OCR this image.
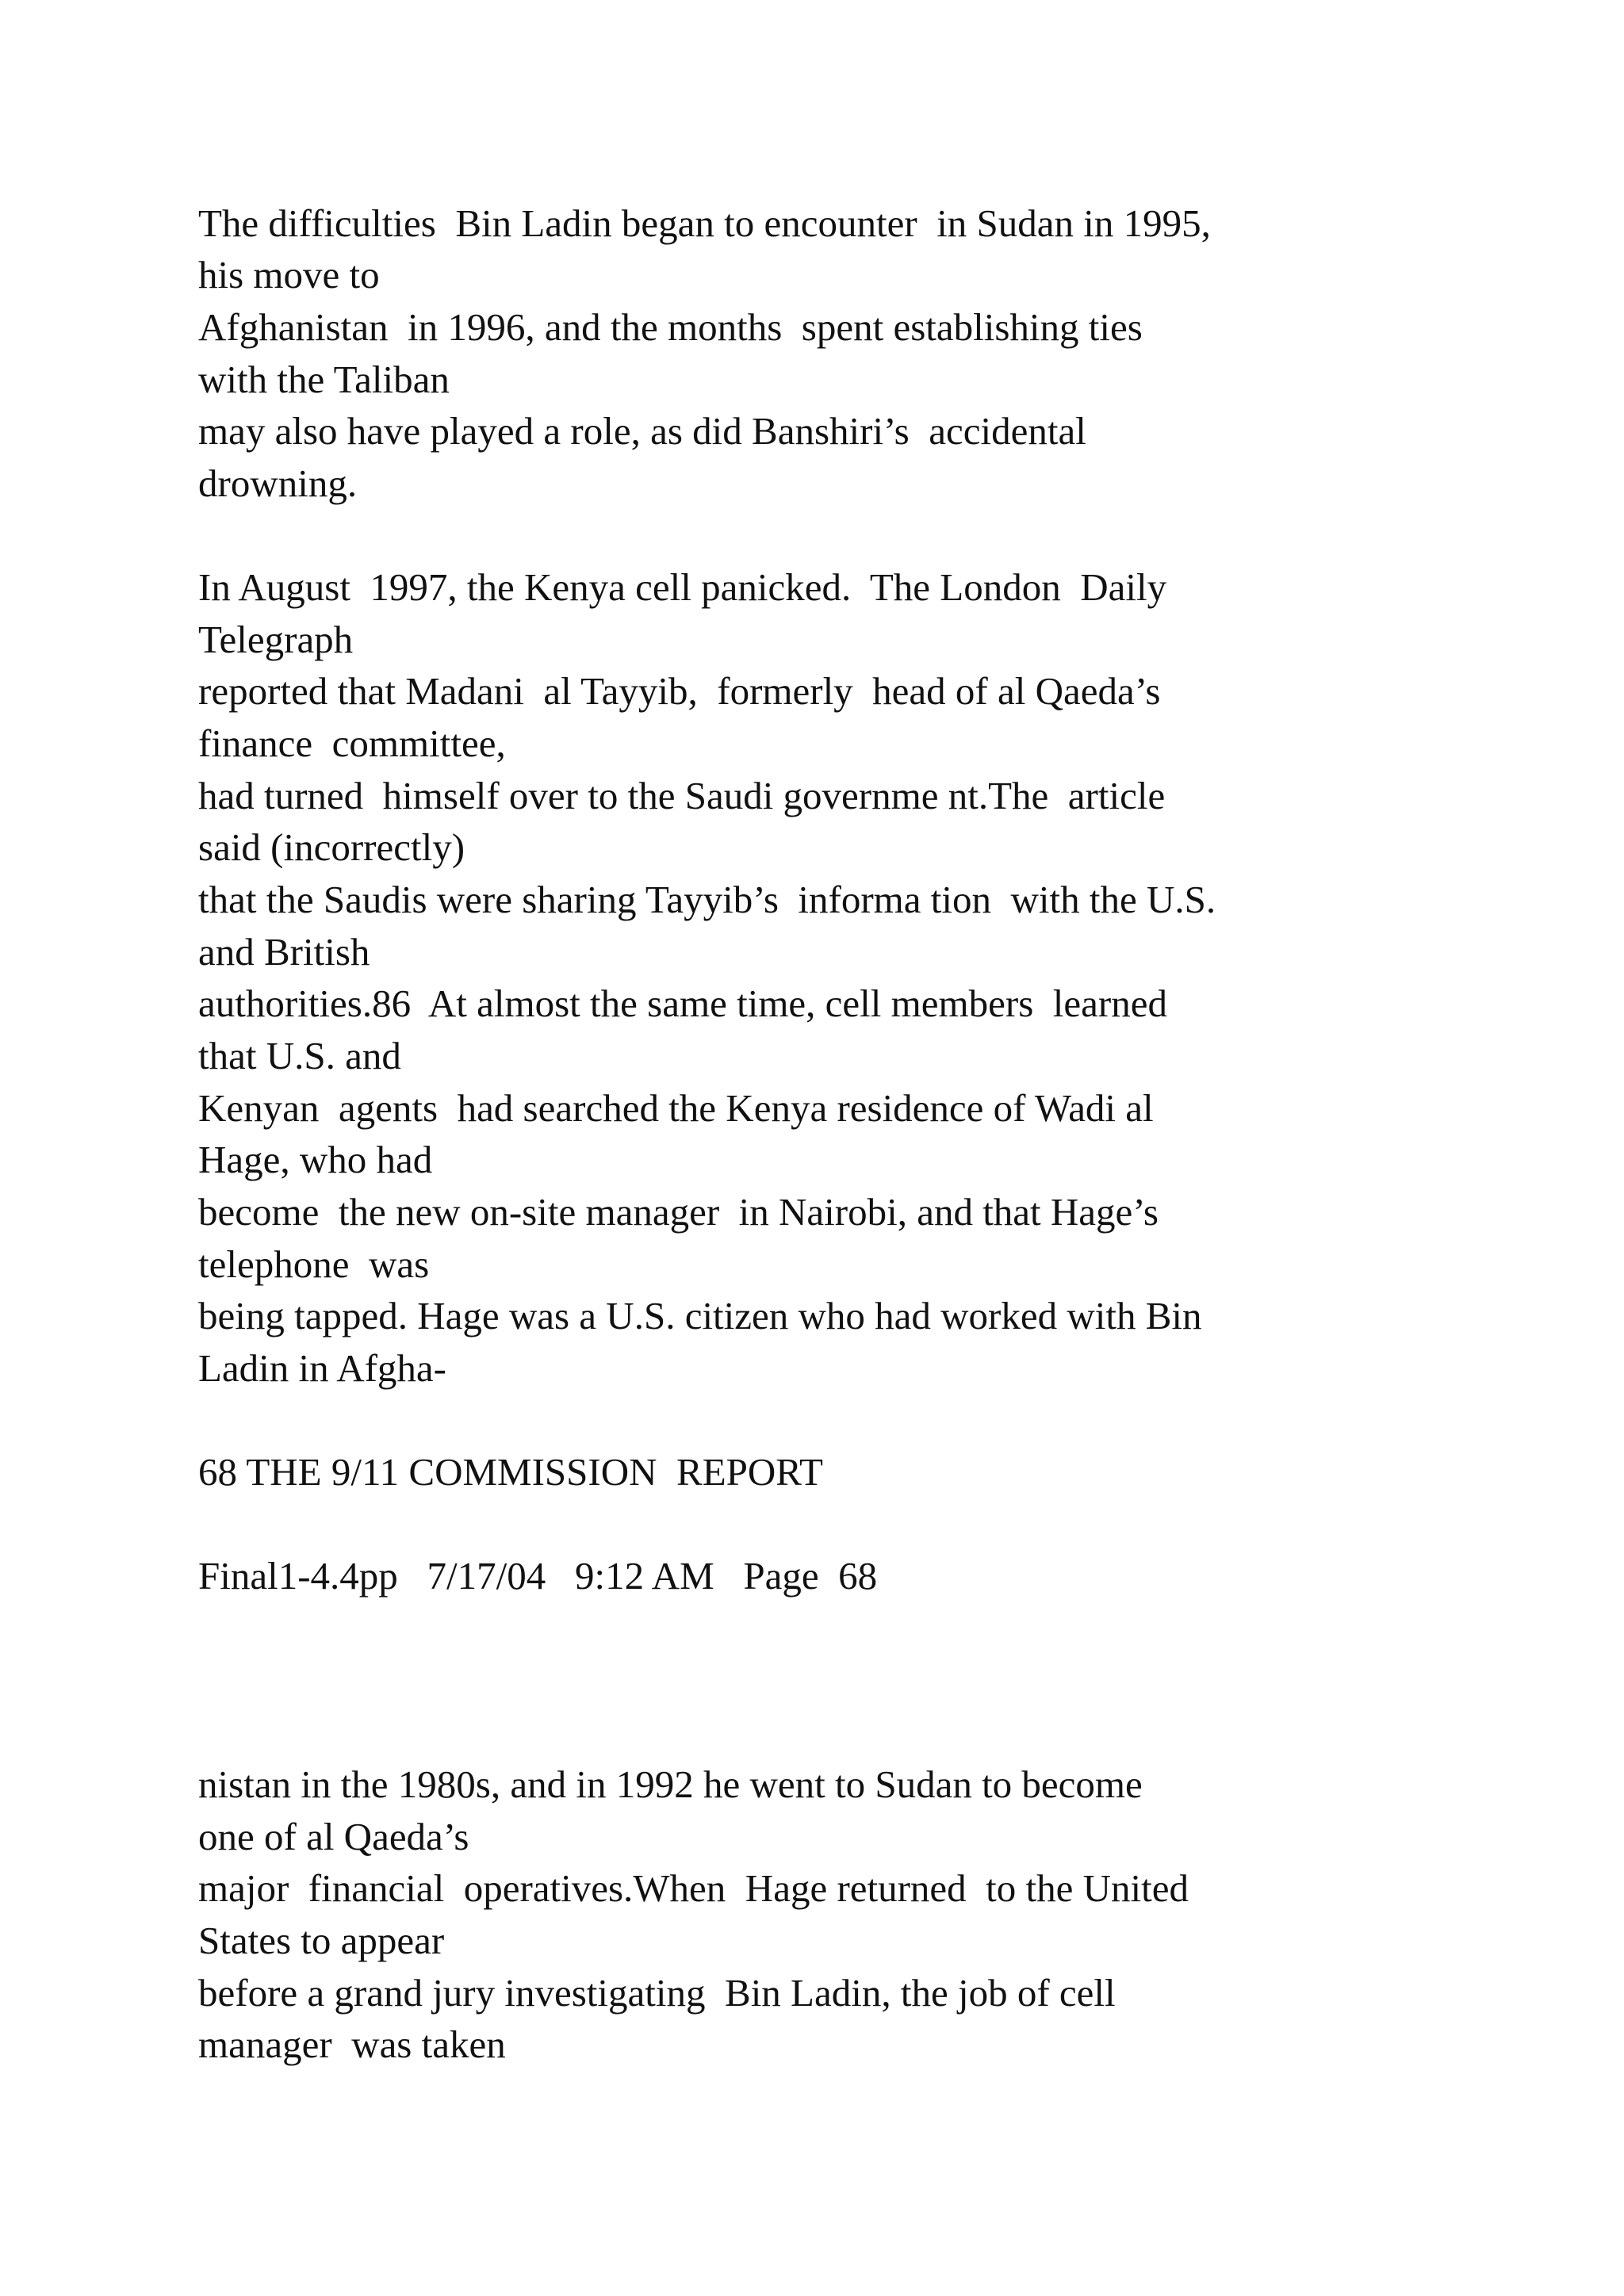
The difficulties  Bin Ladin began to encounter  in Sudan in 1995,

his move to

Afghanistan  in 1996, and the months  spent establishing ties

with the Taliban

may also have played a role, as did Banshiri’s  accidental

drowning.

In August  1997, the Kenya cell panicked.  The London  Daily

Telegraph

reported that Madani  al Tayyib,  formerly  head of al Qaeda’s

finance  committee,

had turned  himself over to the Saudi governme nt.The  article

said (incorrectly)

that the Saudis were sharing Tayyib’s  informa tion  with the U.S.

and British

authorities.86  At almost the same time, cell members  learned

that U.S. and

Kenyan  agents  had searched the Kenya residence of Wadi al

Hage, who had

become  the new on-site manager  in Nairobi, and that Hage’s

telephone  was

being tapped. Hage was a U.S. citizen who had worked with Bin

Ladin in Afgha-

68 THE 9/11 COMMISSION  REPORT

Final1-4.4pp   7/17/04   9:12 AM   Page  68

nistan in the 1980s, and in 1992 he went to Sudan to become

one of al Qaeda’s

major  financial  operatives.When  Hage returned  to the United

States to appear

before a grand jury investigating  Bin Ladin, the job of cell

manager  was taken
